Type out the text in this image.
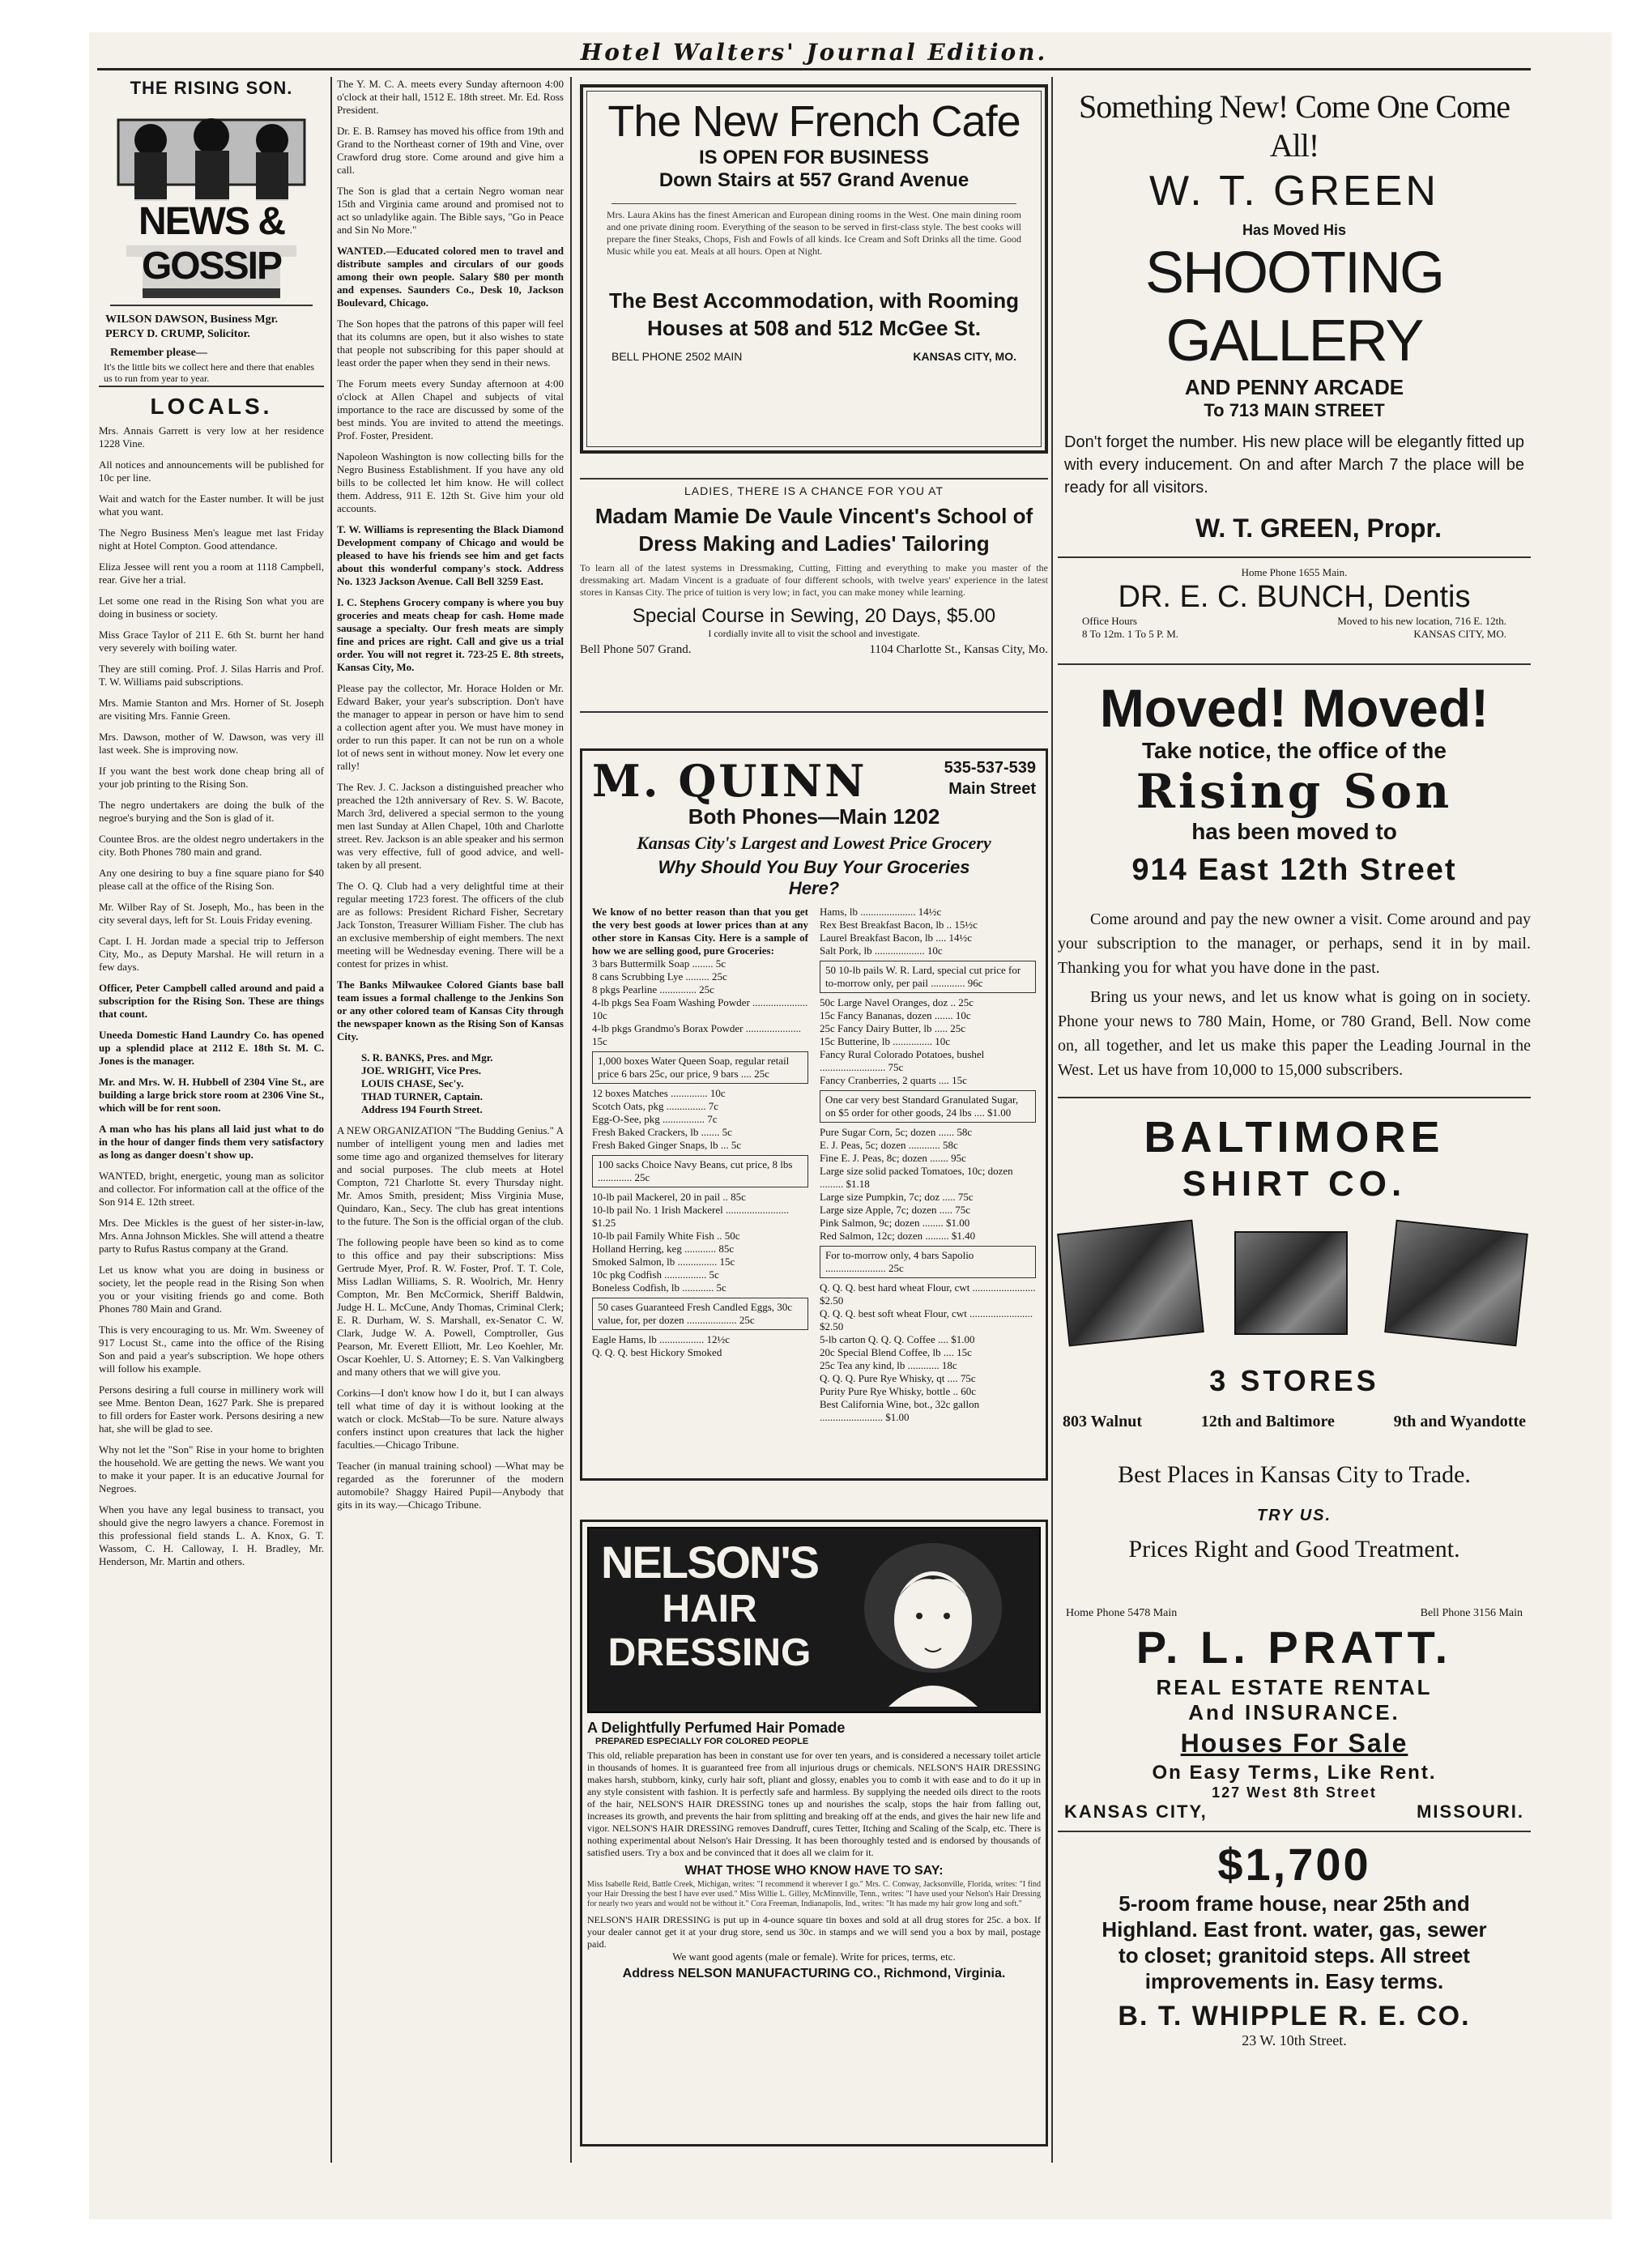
Hotel Walters' Journal Edition.
THE RISING SON.
NEWS & GOSSIP
WILSON DAWSON, Business Mgr.
PERCY D. CRUMP, Solicitor.
Remember please—
It's the little bits we collect here and there that enables us to run from year to year.
LOCALS.

Mrs. Annais Garrett is very low at her residence 1228 Vine.

All notices and announcements will be published for 10c per line.

Wait and watch for the Easter number. It will be just what you want.

The Negro Business Men's league met last Friday night at Hotel Compton. Good attendance.

Eliza Jessee will rent you a room at 1118 Campbell, rear. Give her a trial.

Let some one read in the Rising Son what you are doing in business or society.

Miss Grace Taylor of 211 E. 6th St. burnt her hand very severely with boiling water.

They are still coming. Prof. J. Silas Harris and Prof. T. W. Williams paid subscriptions.

Mrs. Mamie Stanton and Mrs. Horner of St. Joseph are visiting Mrs. Fannie Green.

Mrs. Dawson, mother of W. Dawson, was very ill last week. She is improving now.

If you want the best work done cheap bring all of your job printing to the Rising Son.

The negro undertakers are doing the bulk of the negroe's burying and the Son is glad of it.

Countee Bros. are the oldest negro undertakers in the city. Both Phones 780 main and grand.

Any one desiring to buy a fine square piano for $40 please call at the office of the Rising Son.

Mr. Wilber Ray of St. Joseph, Mo., has been in the city several days, left for St. Louis Friday evening.

Capt. I. H. Jordan made a special trip to Jefferson City, Mo., as Deputy Marshal. He will return in a few days.

Officer, Peter Campbell called around and paid a subscription for the Rising Son. These are things that count.

Uneeda Domestic Hand Laundry Co. has opened up a splendid place at 2112 E. 18th St. M. C. Jones is the manager.

Mr. and Mrs. W. H. Hubbell of 2304 Vine St., are building a large brick store room at 2306 Vine St., which will be for rent soon.

A man who has his plans all laid just what to do in the hour of danger finds them very satisfactory as long as danger doesn't show up.

WANTED, bright, energetic, young man as solicitor and collector. For information call at the office of the Son 914 E. 12th street.

Mrs. Dee Mickles is the guest of her sister-in-law, Mrs. Anna Johnson Mickles. She will attend a theatre party to Rufus Rastus company at the Grand.

Let us know what you are doing in business or society, let the people read in the Rising Son when you or your visiting friends go and come. Both Phones 780 Main and Grand.

This is very encouraging to us. Mr. Wm. Sweeney of 917 Locust St., came into the office of the Rising Son and paid a year's subscription. We hope others will follow his example.

Persons desiring a full course in millinery work will see Mme. Benton Dean, 1627 Park. She is prepared to fill orders for Easter work. Persons desiring a new hat, she will be glad to see.

Why not let the "Son" Rise in your home to brighten the household. We are getting the news. We want you to make it your paper. It is an educative Journal for Negroes.

When you have any legal business to transact, you should give the negro lawyers a chance. Foremost in this professional field stands L. A. Knox, G. T. Wassom, C. H. Calloway, I. H. Bradley, Mr. Henderson, Mr. Martin and others.

The Y. M. C. A. meets every Sunday afternoon 4:00 o'clock at their hall, 1512 E. 18th street. Mr. Ed. Ross President.

Dr. E. B. Ramsey has moved his office from 19th and Grand to the Northeast corner of 19th and Vine, over Crawford drug store. Come around and give him a call.

The Son is glad that a certain Negro woman near 15th and Virginia came around and promised not to act so unladylike again. The Bible says, "Go in Peace and Sin No More."

WANTED.—Educated colored men to travel and distribute samples and circulars of our goods among their own people. Salary $80 per month and expenses. Saunders Co., Desk 10, Jackson Boulevard, Chicago.

The Son hopes that the patrons of this paper will feel that its columns are open, but it also wishes to state that people not subscribing for this paper should at least order the paper when they send in their news.

The Forum meets every Sunday afternoon at 4:00 o'clock at Allen Chapel and subjects of vital importance to the race are discussed by some of the best minds. You are invited to attend the meetings. Prof. Foster, President.

Napoleon Washington is now collecting bills for the Negro Business Establishment. If you have any old bills to be collected let him know. He will collect them. Address, 911 E. 12th St. Give him your old accounts.

T. W. Williams is representing the Black Diamond Development company of Chicago and would be pleased to have his friends see him and get facts about this wonderful company's stock. Address No. 1323 Jackson Avenue. Call Bell 3259 East.

I. C. Stephens Grocery company is where you buy groceries and meats cheap for cash. Home made sausage a specialty. Our fresh meats are simply fine and prices are right. Call and give us a trial order. You will not regret it. 723-25 E. 8th streets, Kansas City, Mo.

Please pay the collector, Mr. Horace Holden or Mr. Edward Baker, your year's subscription. Don't have the manager to appear in person or have him to send a collection agent after you. We must have money in order to run this paper. It can not be run on a whole lot of news sent in without money. Now let every one rally!

The Rev. J. C. Jackson a distinguished preacher who preached the 12th anniversary of Rev. S. W. Bacote, March 3rd, delivered a special sermon to the young men last Sunday at Allen Chapel, 10th and Charlotte street. Rev. Jackson is an able speaker and his sermon was very effective, full of good advice, and well-taken by all present.

The O. Q. Club had a very delightful time at their regular meeting 1723 forest. The officers of the club are as follows: President Richard Fisher, Secretary Jack Tonston, Treasurer William Fisher. The club has an exclusive membership of eight members. The next meeting will be Wednesday evening. There will be a contest for prizes in whist.

The Banks Milwaukee Colored Giants base ball team issues a formal challenge to the Jenkins Son or any other colored team of Kansas City through the newspaper known as the Rising Son of Kansas City.

S. R. BANKS, Pres. and Mgr.
JOE. WRIGHT, Vice Pres.
LOUIS CHASE, Sec'y.
THAD TURNER, Captain.
Address 194 Fourth Street.

A NEW ORGANIZATION "The Budding Genius." A number of intelligent young men and ladies met some time ago and organized themselves for literary and social purposes. The club meets at Hotel Compton, 721 Charlotte St. every Thursday night. Mr. Amos Smith, president; Miss Virginia Muse, Quindaro, Kan., Secy. The club has great intentions to the future. The Son is the official organ of the club.

The following people have been so kind as to come to this office and pay their subscriptions: Miss Gertrude Myer, Prof. R. W. Foster, Prof. T. T. Cole, Miss Ladlan Williams, S. R. Woolrich, Mr. Henry Compton, Mr. Ben McCormick, Sheriff Baldwin, Judge H. L. McCune, Andy Thomas, Criminal Clerk; E. R. Durham, W. S. Marshall, ex-Senator C. W. Clark, Judge W. A. Powell, Comptroller, Gus Pearson, Mr. Everett Elliott, Mr. Leo Koehler, Mr. Oscar Koehler, U. S. Attorney; E. S. Van Valkingberg and many others that we will give you.

Corkins—I don't know how I do it, but I can always tell what time of day it is without looking at the watch or clock. McStab—To be sure. Nature always confers instinct upon creatures that lack the higher faculties.—Chicago Tribune.

Teacher (in manual training school) —What may be regarded as the forerunner of the modern automobile? Shaggy Haired Pupil—Anybody that gits in its way.—Chicago Tribune.

The New French Cafe
IS OPEN FOR BUSINESS
Down Stairs at 557 Grand Avenue
Mrs. Laura Akins has the finest American and European dining rooms in the West. One main dining room and one private dining room. Everything of the season to be served in first-class style. The best cooks will prepare the finer Steaks, Chops, Fish and Fowls of all kinds. Ice Cream and Soft Drinks all the time. Good Music while you eat. Meals at all hours. Open at Night.
The Best Accommodation, with Rooming Houses at 508 and 512 McGee St.
BELL PHONE 2502 MAIN	KANSAS CITY, MO.
LADIES, THERE IS A CHANCE FOR YOU AT
Madam Mamie De Vaule Vincent's School of Dress Making and Ladies' Tailoring
To learn all of the latest systems in Dressmaking, Cutting, Fitting and everything to make you master of the dressmaking art. Madam Vincent is a graduate of four different schools, with twelve years' experience in the latest stores in Kansas City. The price of tuition is very low; in fact, you can make money while learning.
Special Course in Sewing, 20 Days, $5.00
I cordially invite all to visit the school and investigate.
Bell Phone 507 Grand.	1104 Charlotte St., Kansas City, Mo.
M. QUINN	535-537-539 Main Street
Both Phones—Main 1202
Kansas City's Largest and Lowest Price Grocery
Why Should You Buy Your Groceries Here?

We know of no better reason than that you get the very best goods at lower prices than at any other store in Kansas City. Here is a sample of how we are selling good, pure Groceries:

3 bars Buttermilk Soap ........ 5c

8 cans Scrubbing Lye ......... 25c

8 pkgs Pearline .............. 25c

4-lb pkgs Sea Foam Washing Powder ..................... 10c

4-lb pkgs Grandmo's Borax Powder ..................... 15c

1,000 boxes Water Queen Soap, regular retail price 6 bars 25c, our price, 9 bars .... 25c

12 boxes Matches .............. 10c

Scotch Oats, pkg ............... 7c

Egg-O-See, pkg ................ 7c

Fresh Baked Crackers, lb ....... 5c

Fresh Baked Ginger Snaps, lb ... 5c

100 sacks Choice Navy Beans, cut price, 8 lbs ............. 25c

10-lb pail Mackerel, 20 in pail .. 85c

10-lb pail No. 1 Irish Mackerel ........................ $1.25

10-lb pail Family White Fish .. 50c

Holland Herring, keg ............ 85c

Smoked Salmon, lb ............... 15c

10c pkg Codfish ................ 5c

Boneless Codfish, lb ............ 5c

50 cases Guaranteed Fresh Candled Eggs, 30c value, for, per dozen ................... 25c

Eagle Hams, lb ................. 12½c

Q. Q. Q. best Hickory Smoked

Hams, lb ..................... 14½c

Rex Best Breakfast Bacon, lb .. 15½c

Laurel Breakfast Bacon, lb .... 14½c

Salt Pork, lb ................... 10c

50 10-lb pails W. R. Lard, special cut price for to-morrow only, per pail ............. 96c

50c Large Navel Oranges, doz .. 25c

15c Fancy Bananas, dozen ....... 10c

25c Fancy Dairy Butter, lb ..... 25c

15c Butterine, lb ............... 10c

Fancy Rural Colorado Potatoes, bushel ......................... 75c

Fancy Cranberries, 2 quarts .... 15c

One car very best Standard Granulated Sugar, on $5 order for other goods, 24 lbs .... $1.00

Pure Sugar Corn, 5c; dozen ...... 58c

E. J. Peas, 5c; dozen ............ 58c

Fine E. J. Peas, 8c; dozen ....... 95c

Large size solid packed Tomatoes, 10c; dozen ......... $1.18

Large size Pumpkin, 7c; doz ..... 75c

Large size Apple, 7c; dozen ..... 75c

Pink Salmon, 9c; dozen ........ $1.00

Red Salmon, 12c; dozen ......... $1.40

For to-morrow only, 4 bars Sapolio ....................... 25c

Q. Q. Q. best hard wheat Flour, cwt ........................ $2.50

Q. Q. Q. best soft wheat Flour, cwt ........................ $2.50

5-lb carton Q. Q. Q. Coffee .... $1.00

20c Special Blend Coffee, lb .... 15c

25c Tea any kind, lb ............ 18c

Q. Q. Q. Pure Rye Whisky, qt .... 75c

Purity Pure Rye Whisky, bottle .. 60c

Best California Wine, bot., 32c gallon ........................ $1.00

NELSON'S
HAIR
DRESSING
A Delightfully Perfumed Hair Pomade
PREPARED ESPECIALLY FOR COLORED PEOPLE
This old, reliable preparation has been in constant use for over ten years, and is considered a necessary toilet article in thousands of homes. It is guaranteed free from all injurious drugs or chemicals. NELSON'S HAIR DRESSING makes harsh, stubborn, kinky, curly hair soft, pliant and glossy, enables you to comb it with ease and to do it up in any style consistent with fashion. It is perfectly safe and harmless. By supplying the needed oils direct to the roots of the hair, NELSON'S HAIR DRESSING tones up and nourishes the scalp, stops the hair from falling out, increases its growth, and prevents the hair from splitting and breaking off at the ends, and gives the hair new life and vigor. NELSON'S HAIR DRESSING removes Dandruff, cures Tetter, Itching and Scaling of the Scalp, etc. There is nothing experimental about Nelson's Hair Dressing. It has been thoroughly tested and is endorsed by thousands of satisfied users. Try a box and be convinced that it does all we claim for it.
WHAT THOSE WHO KNOW HAVE TO SAY:
Miss Isabelle Reid, Battle Creek, Michigan, writes: "I recommend it wherever I go." Mrs. C. Conway, Jacksonville, Florida, writes: "I find your Hair Dressing the best I have ever used." Miss Willie L. Gilley, McMinnville, Tenn., writes: "I have used your Nelson's Hair Dressing for nearly two years and would not be without it." Cora Freeman, Indianapolis, Ind., writes: "It has made my hair grow long and soft."
NELSON'S HAIR DRESSING is put up in 4-ounce square tin boxes and sold at all drug stores for 25c. a box. If your dealer cannot get it at your drug store, send us 30c. in stamps and we will send you a box by mail, postage paid.
We want good agents (male or female). Write for prices, terms, etc.
Address NELSON MANUFACTURING CO., Richmond, Virginia.
Something New! Come One Come All!
W. T. GREEN
Has Moved His
SHOOTING GALLERY
AND PENNY ARCADE
To 713 MAIN STREET
Don't forget the number. His new place will be elegantly fitted up with every inducement. On and after March 7 the place will be ready for all visitors.
W. T. GREEN, Propr.
Home Phone 1655 Main.
DR. E. C. BUNCH, Dentis
Office Hours	Moved to his new location, 716 E. 12th.
8 To 12m. 1 To 5 P. M.	KANSAS CITY, MO.
Moved! Moved!
Take notice, the office of the
Rising Son
has been moved to
914 East 12th Street
Come around and pay the new owner a visit. Come around and pay your subscription to the manager, or perhaps, send it in by mail. Thanking you for what you have done in the past.
Bring us your news, and let us know what is going on in society. Phone your news to 780 Main, Home, or 780 Grand, Bell. Now come on, all together, and let us make this paper the Leading Journal in the West. Let us have from 10,000 to 15,000 subscribers.
BALTIMORE
SHIRT CO.
3 STORES
803 Walnut	12th and Baltimore	9th and Wyandotte
Best Places in Kansas City to Trade.
TRY US.
Prices Right and Good Treatment.
Home Phone 5478 Main	Bell Phone 3156 Main
P. L. PRATT.
REAL ESTATE RENTAL
And INSURANCE.
Houses For Sale
On Easy Terms, Like Rent.
127 West 8th Street
KANSAS CITY,	MISSOURI.
$1,700
5-room frame house, near 25th and Highland. East front. water, gas, sewer to closet; granitoid steps. All street improvements in. Easy terms.
B. T. WHIPPLE R. E. CO.
23 W. 10th Street.
